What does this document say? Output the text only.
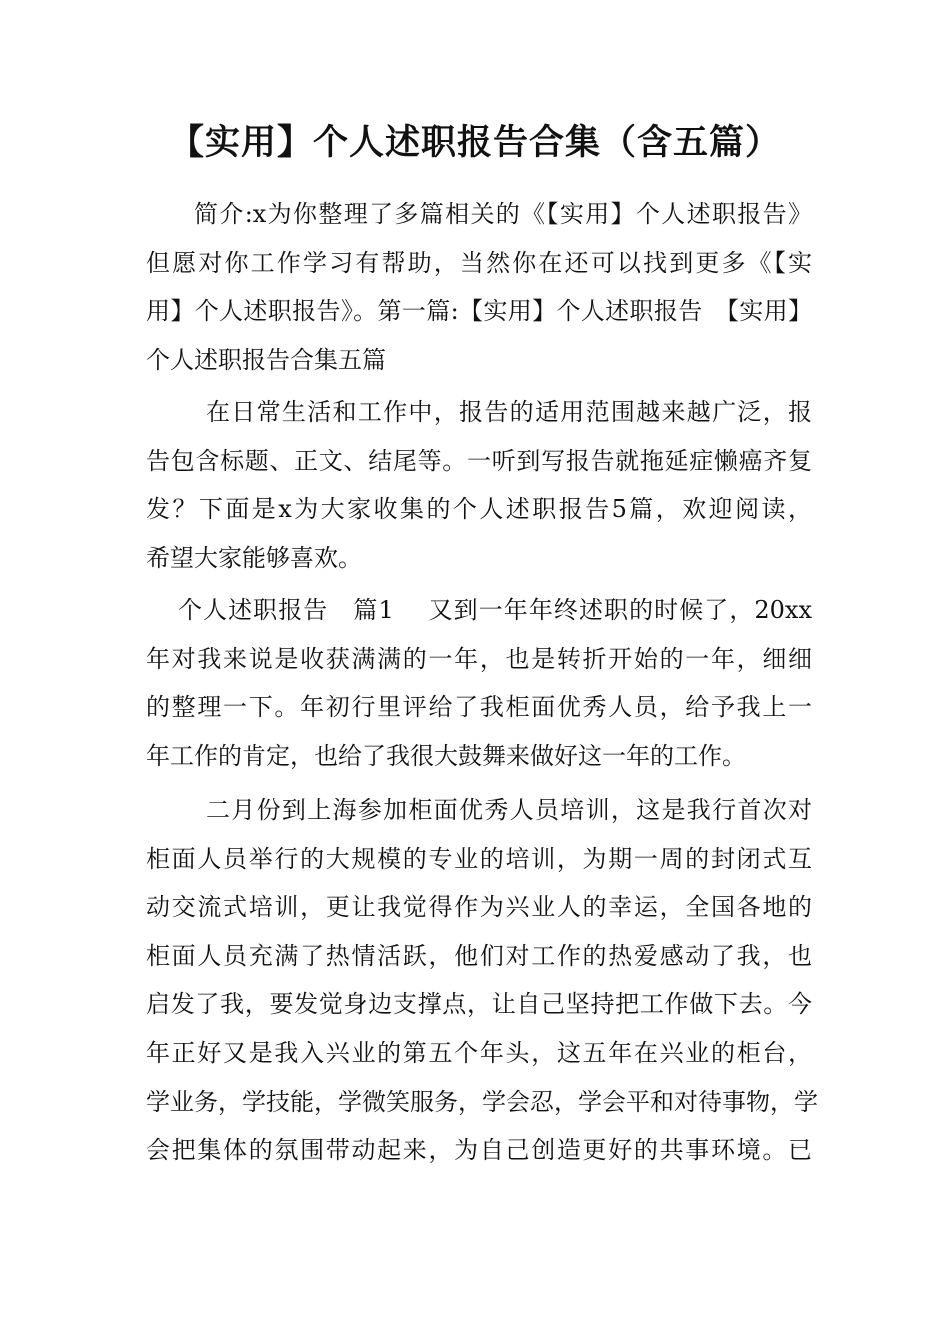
【实用】个人述职报告合集（含五篇）
简介:x为你整理了多篇相关的《【实用】个人述职报告》
但愿对你工作学习有帮助，当然你在还可以找到更多《【实
用】个人述职报告》。第一篇:【实用】个人述职报告　【实用】
个人述职报告合集五篇
在日常生活和工作中，报告的适用范围越来越广泛，报
告包含标题、正文、结尾等。一听到写报告就拖延症懒癌齐复
发？下面是x为大家收集的个人述职报告5篇，欢迎阅读，
希望大家能够喜欢。
个人述职报告　篇1　 又到一年年终述职的时候了，20xx
年对我来说是收获满满的一年，也是转折开始的一年，细细
的整理一下。年初行里评给了我柜面优秀人员，给予我上一
年工作的肯定，也给了我很大鼓舞来做好这一年的工作。
二月份到上海参加柜面优秀人员培训，这是我行首次对
柜面人员举行的大规模的专业的培训，为期一周的封闭式互
动交流式培训，更让我觉得作为兴业人的幸运，全国各地的
柜面人员充满了热情活跃，他们对工作的热爱感动了我，也
启发了我，要发觉身边支撑点，让自己坚持把工作做下去。今
年正好又是我入兴业的第五个年头，这五年在兴业的柜台，
学业务，学技能，学微笑服务，学会忍，学会平和对待事物，学
会把集体的氛围带动起来，为自己创造更好的共事环境。已
